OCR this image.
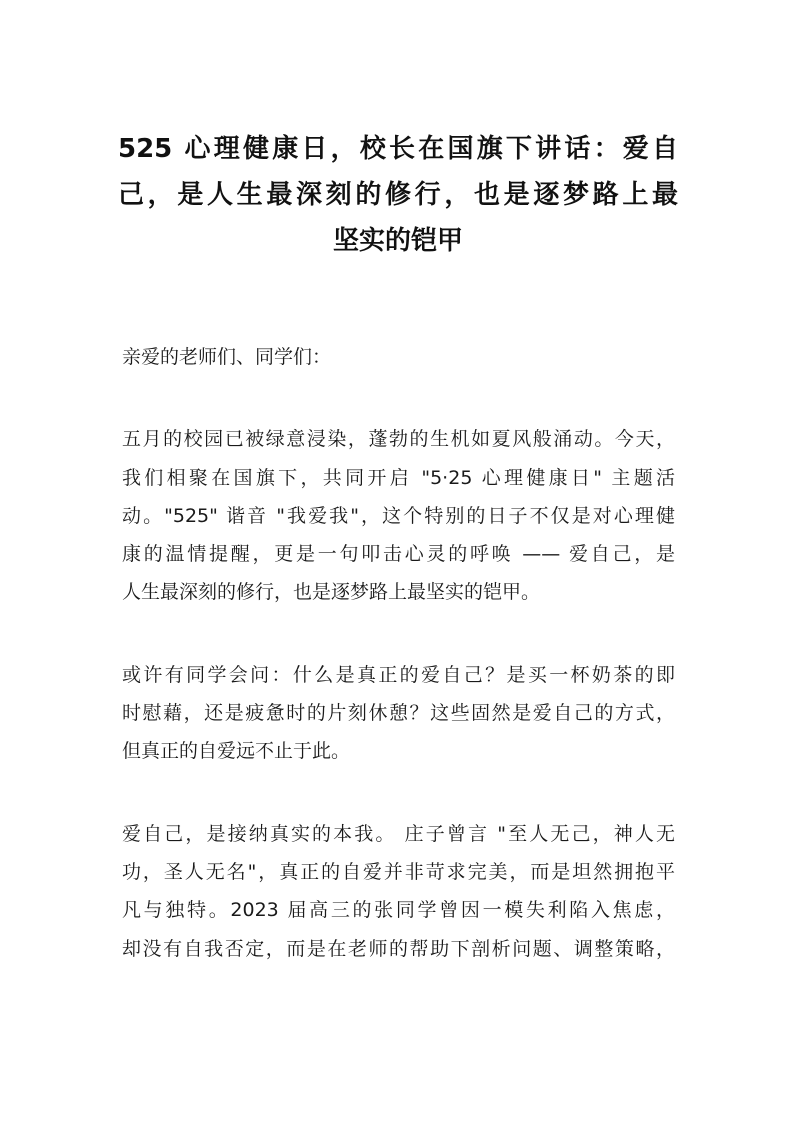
525 心理健康日，校长在国旗下讲话：爱自
己，是人生最深刻的修行，也是逐梦路上最
坚实的铠甲
亲爱的老师们、同学们：
五月的校园已被绿意浸染，蓬勃的生机如夏风般涌动。今天，
我们相聚在国旗下，共同开启 "5·25 心理健康日" 主题活
动。"525" 谐音 "我爱我"，这个特别的日子不仅是对心理健
康的温情提醒，更是一句叩击心灵的呼唤 —— 爱自己，是
人生最深刻的修行，也是逐梦路上最坚实的铠甲。
或许有同学会问：什么是真正的爱自己？是买一杯奶茶的即
时慰藉，还是疲惫时的片刻休憩？这些固然是爱自己的方式，
但真正的自爱远不止于此。
爱自己，是接纳真实的本我。 庄子曾言 "至人无己，神人无
功，圣人无名"，真正的自爱并非苛求完美，而是坦然拥抱平
凡与独特。2023 届高三的张同学曾因一模失利陷入焦虑，
却没有自我否定，而是在老师的帮助下剖析问题、调整策略，
